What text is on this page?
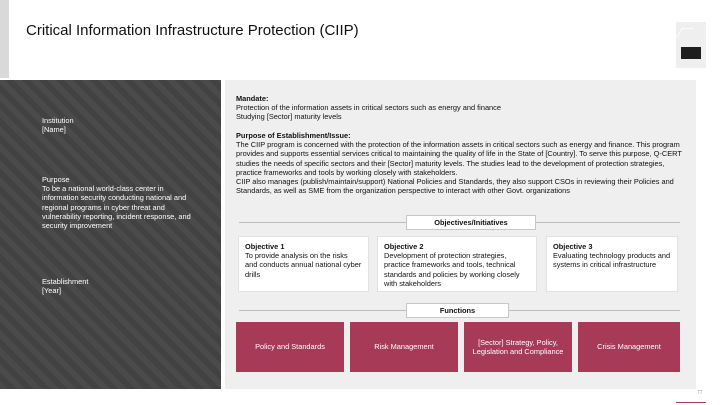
Critical Information Infrastructure Protection (CIIP)
Institution
[Name]
Purpose
To be a national world-class center in information security conducting national and regional programs in cyber threat and vulnerability reporting, incident response, and security improvement
Establishment
[Year]
Mandate:
Protection of the information assets in critical sectors such as energy and finance
Studying [Sector] maturity levels
Purpose of Establishment/Issue:
The CIIP program is concerned with the protection of the information assets in critical sectors such as energy and finance. This program provides and supports essential services critical to maintaining the quality of life in the State of [Country]. To serve this purpose, Q-CERT studies the needs of specific sectors and their [Sector] maturity levels. The studies lead to the development of protection strategies, practice frameworks and tools by working closely with stakeholders.
CIIP also manages (publish/maintain/support) National Policies and Standards, they also support CSOs in reviewing their Policies and Standards, as well as SME from the organization perspective to interact with other Govt. organizations
Objectives/Initiatives
Objective 1
To provide analysis on the risks and conducts annual national cyber drills
Objective 2
Development of protection strategies, practice frameworks and tools, technical standards and policies by working closely with stakeholders
Objective 3
Evaluating technology products and systems in critical infrastructure
Functions
Policy and Standards	Risk Management
[Sector] Strategy, Policy, Legislation and Compliance
Crisis Management
77
